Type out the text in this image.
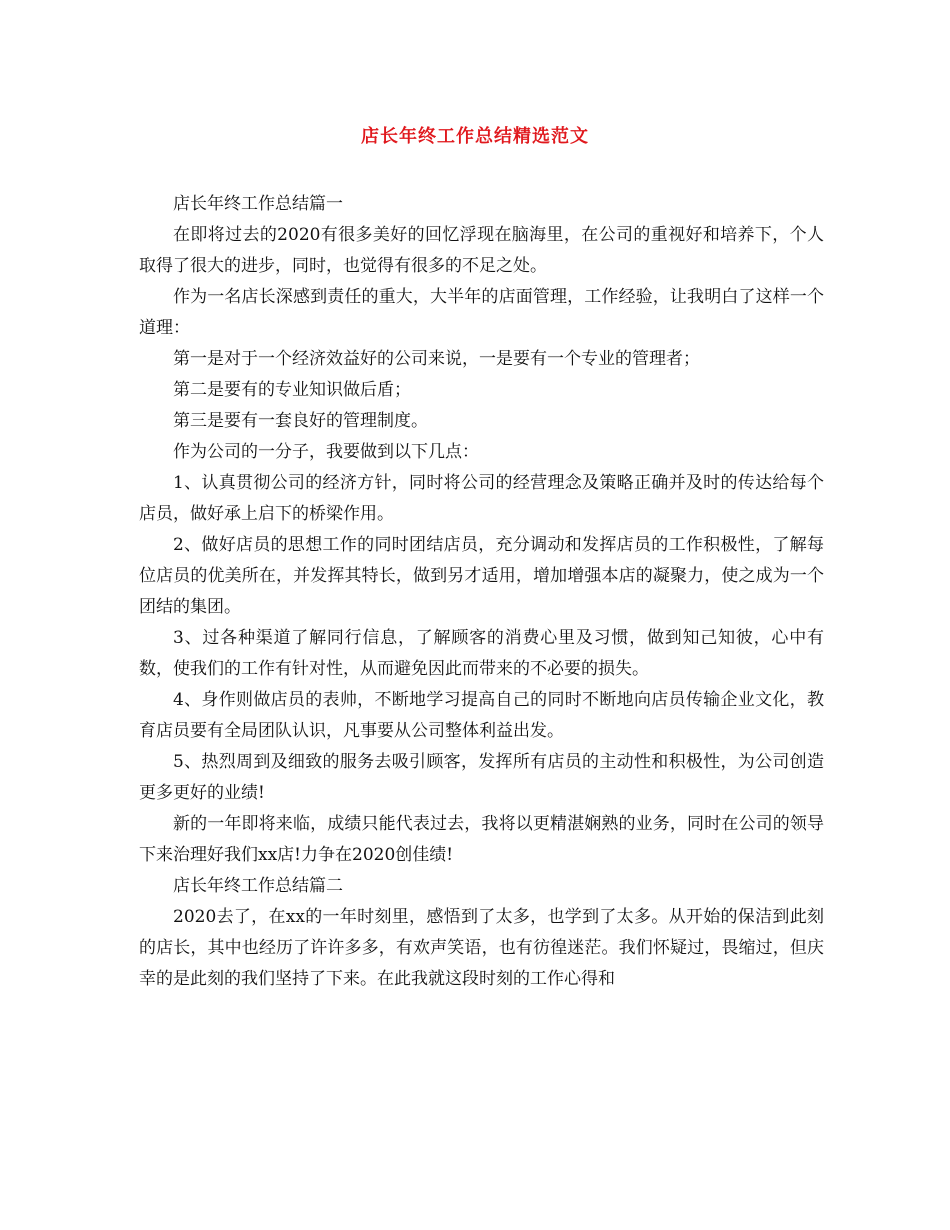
店长年终工作总结精选范文

店长年终工作总结篇一

在即将过去的2020有很多美好的回忆浮现在脑海里，在公司的重视好和培养下，个人取得了很大的进步，同时，也觉得有很多的不足之处。

作为一名店长深感到责任的重大，大半年的店面管理，工作经验，让我明白了这样一个道理：

第一是对于一个经济效益好的公司来说，一是要有一个专业的管理者；

第二是要有的专业知识做后盾；

第三是要有一套良好的管理制度。

作为公司的一分子，我要做到以下几点：

1、认真贯彻公司的经济方针，同时将公司的经营理念及策略正确并及时的传达给每个店员，做好承上启下的桥梁作用。

2、做好店员的思想工作的同时团结店员，充分调动和发挥店员的工作积极性，了解每位店员的优美所在，并发挥其特长，做到另才适用，增加增强本店的凝聚力，使之成为一个团结的集团。

3、过各种渠道了解同行信息，了解顾客的消费心里及习惯，做到知己知彼，心中有数，使我们的工作有针对性，从而避免因此而带来的不必要的损失。

4、身作则做店员的表帅，不断地学习提高自己的同时不断地向店员传输企业文化，教育店员要有全局团队认识，凡事要从公司整体利益出发。

5、热烈周到及细致的服务去吸引顾客，发挥所有店员的主动性和积极性，为公司创造更多更好的业绩!

新的一年即将来临，成绩只能代表过去，我将以更精湛娴熟的业务，同时在公司的领导下来治理好我们xx店!力争在2020创佳绩!

店长年终工作总结篇二

2020去了，在xx的一年时刻里，感悟到了太多，也学到了太多。从开始的保洁到此刻的店长，其中也经历了许许多多，有欢声笑语，也有彷徨迷茫。我们怀疑过，畏缩过，但庆幸的是此刻的我们坚持了下来。在此我就这段时刻的工作心得和
